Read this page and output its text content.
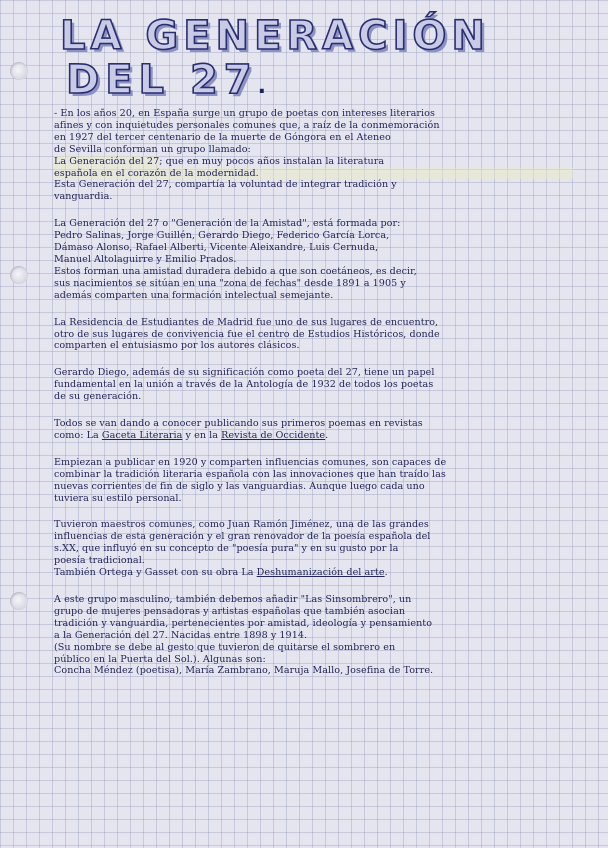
LA GENERACIÓN
DEL 27.
- En los años 20, en España surge un grupo de poetas con intereses literarios
afines y con inquietudes personales comunes que, a raíz de la conmemoración
en 1927 del tercer centenario de la muerte de Góngora en el Ateneo
de Sevilla conforman un grupo llamado:
La Generación del 27; que en muy pocos años instalan la literatura
española en el corazón de la modernidad.
Esta Generación del 27, compartía la voluntad de integrar tradición y
vanguardia.
La Generación del 27 o "Generación de la Amistad", está formada por:
Pedro Salinas, Jorge Guillén, Gerardo Diego, Federico García Lorca,
Dámaso Alonso, Rafael Alberti, Vicente Aleixandre, Luis Cernuda,
Manuel Altolaguirre y Emilio Prados.
Estos forman una amistad duradera debido a que son coetáneos, es decir,
sus nacimientos se sitúan en una "zona de fechas" desde 1891 a 1905 y
además comparten una formación intelectual semejante.
La Residencia de Estudiantes de Madrid fue uno de sus lugares de encuentro,
otro de sus lugares de convivencia fue el centro de Estudios Históricos, donde
comparten el entusiasmo por los autores clásicos.
Gerardo Diego, además de su significación como poeta del 27, tiene un papel
fundamental en la unión a través de la Antología de 1932 de todos los poetas
de su generación.
Todos se van dando a conocer publicando sus primeros poemas en revistas
como: La Gaceta Literaria y en la Revista de Occidente.
Empiezan a publicar en 1920 y comparten influencias comunes, son capaces de
combinar la tradición literaria española con las innovaciones que han traído las
nuevas corrientes de fin de siglo y las vanguardias. Aunque luego cada uno
tuviera su estilo personal.
Tuvieron maestros comunes, como Juan Ramón Jiménez, una de las grandes
influencias de esta generación y el gran renovador de la poesía española del
s.XX, que influyó en su concepto de "poesía pura" y en su gusto por la
poesía tradicional.
También Ortega y Gasset con su obra La Deshumanización del arte.
A este grupo masculino, también debemos añadir "Las Sinsombrero", un
grupo de mujeres pensadoras y artistas españolas que también asocian
tradición y vanguardia, pertenecientes por amistad, ideología y pensamiento
a la Generación del 27. Nacidas entre 1898 y 1914.
(Su nombre se debe al gesto que tuvieron de quitarse el sombrero en
público en la Puerta del Sol.). Algunas son:
Concha Méndez (poetisa), María Zambrano, Maruja Mallo, Josefina de Torre.
